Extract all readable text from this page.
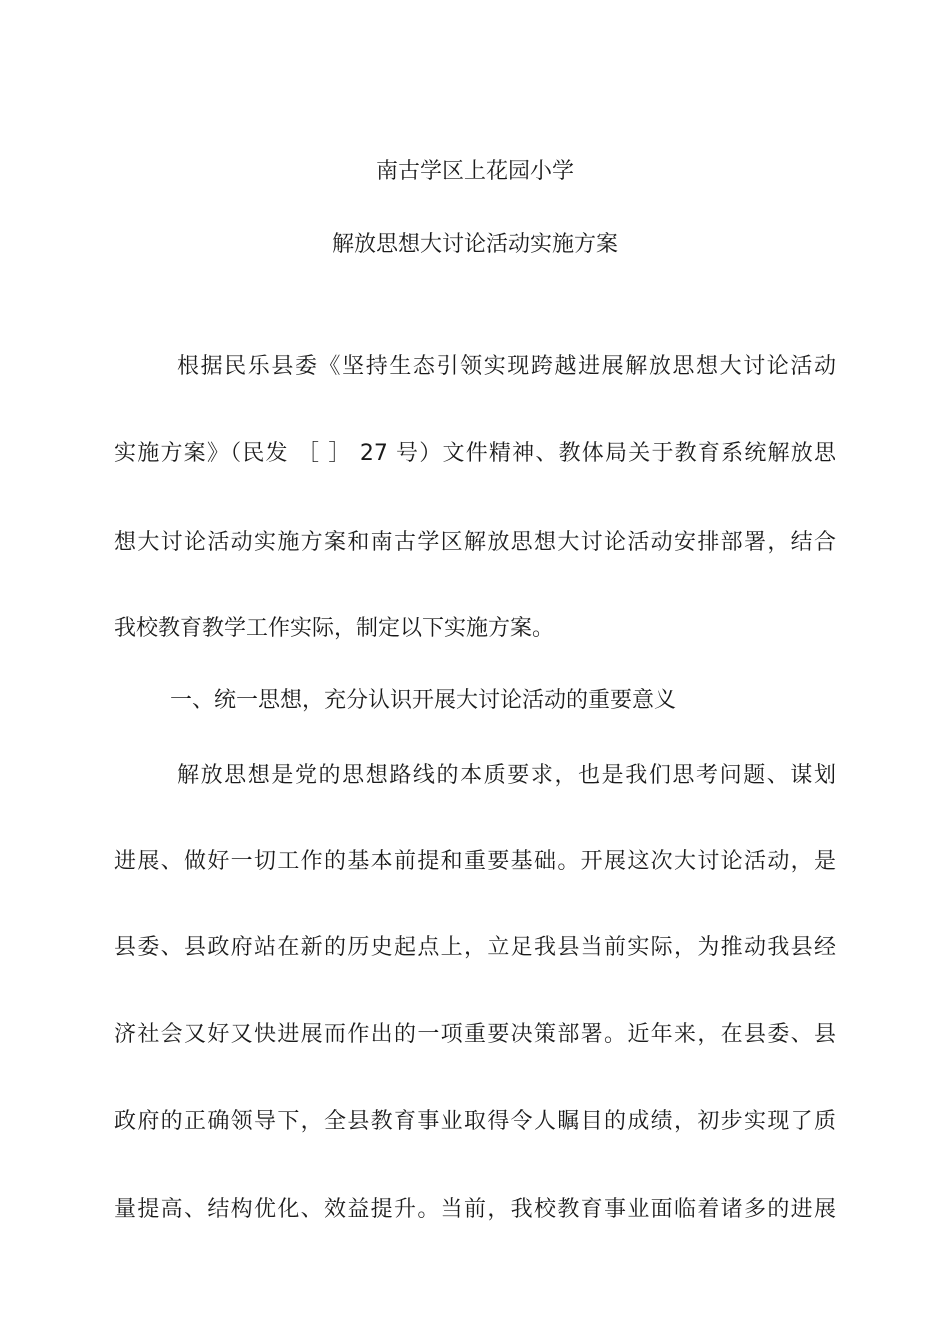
南古学区上花园小学
解放思想大讨论活动实施方案
根据民乐县委《坚持生态引领实现跨越进展解放思想大讨论活动
实施方案》（民发 ［ ］ 27 号）文件精神、教体局关于教育系统解放思
想大讨论活动实施方案和南古学区解放思想大讨论活动安排部署，结合
我校教育教学工作实际，制定以下实施方案。
一、统一思想，充分认识开展大讨论活动的重要意义
解放思想是党的思想路线的本质要求，也是我们思考问题、谋划
进展、做好一切工作的基本前提和重要基础。开展这次大讨论活动，是
县委、县政府站在新的历史起点上，立足我县当前实际，为推动我县经
济社会又好又快进展而作出的一项重要决策部署。近年来，在县委、县
政府的正确领导下，全县教育事业取得令人瞩目的成绩，初步实现了质
量提高、结构优化、效益提升。当前，我校教育事业面临着诸多的进展
